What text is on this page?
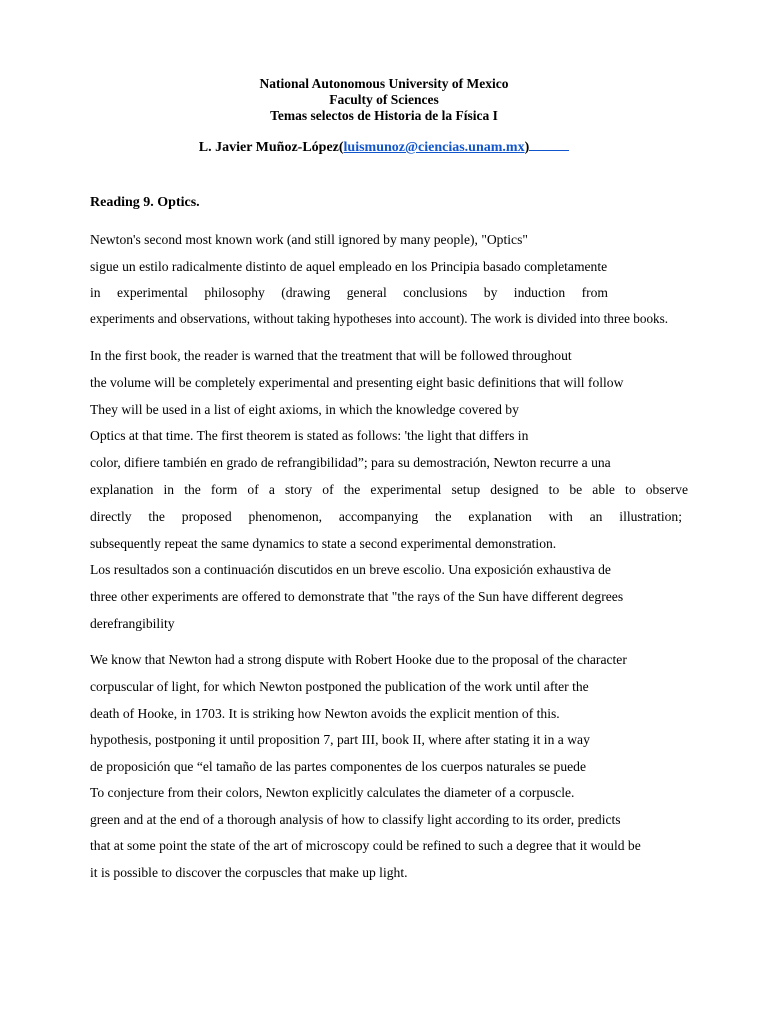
National Autonomous University of Mexico
Faculty of Sciences
Temas selectos de Historia de la Física I
L. Javier Muñoz-López(luismunoz@ciencias.unam.mx)
Reading 9. Optics.
Newton's second most known work (and still ignored by many people), "Optics"
sigue un estilo radicalmente distinto de aquel empleado en los Principia basado completamente
in experimental philosophy (drawing general conclusions by induction from
experiments and observations, without taking hypotheses into account). The work is divided into three books.
In the first book, the reader is warned that the treatment that will be followed throughout
the volume will be completely experimental and presenting eight basic definitions that will follow
They will be used in a list of eight axioms, in which the knowledge covered by
Optics at that time. The first theorem is stated as follows: 'the light that differs in
color, difiere también en grado de refrangibilidad”; para su demostración, Newton recurre a una
explanation in the form of a story of the experimental setup designed to be able to observe
directly the proposed phenomenon, accompanying the explanation with an illustration;
subsequently repeat the same dynamics to state a second experimental demonstration.
Los resultados son a continuación discutidos en un breve escolio. Una exposición exhaustiva de
three other experiments are offered to demonstrate that "the rays of the Sun have different degrees
derefrangibility
We know that Newton had a strong dispute with Robert Hooke due to the proposal of the character
corpuscular of light, for which Newton postponed the publication of the work until after the
death of Hooke, in 1703. It is striking how Newton avoids the explicit mention of this.
hypothesis, postponing it until proposition 7, part III, book II, where after stating it in a way
de proposición que “el tamaño de las partes componentes de los cuerpos naturales se puede
To conjecture from their colors, Newton explicitly calculates the diameter of a corpuscle.
green and at the end of a thorough analysis of how to classify light according to its order, predicts
that at some point the state of the art of microscopy could be refined to such a degree that it would be
it is possible to discover the corpuscles that make up light.
